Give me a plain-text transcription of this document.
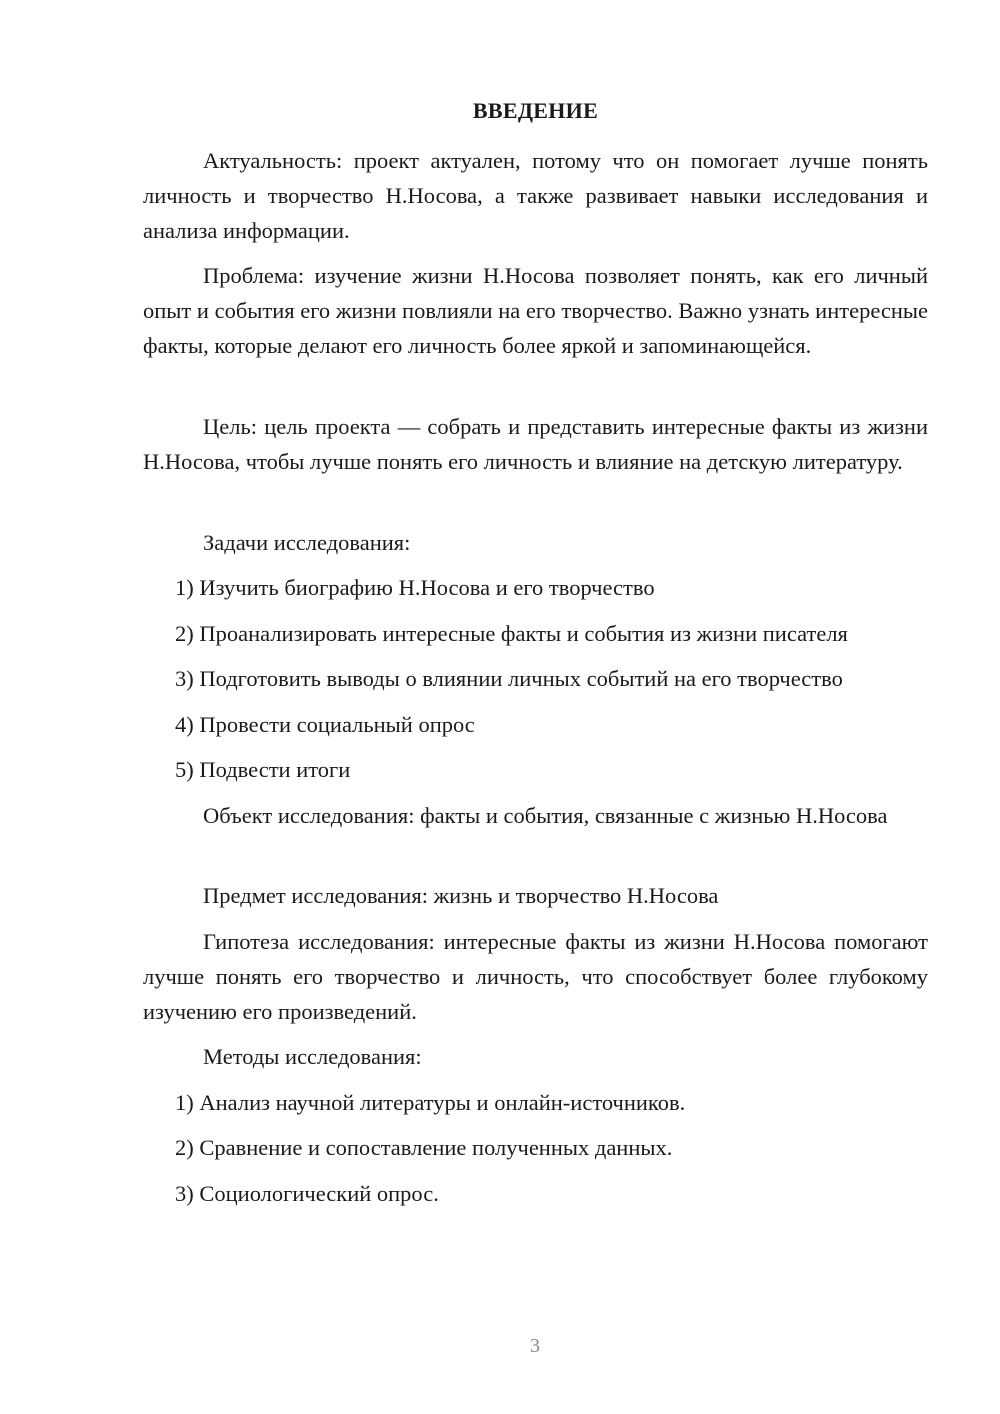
ВВЕДЕНИЕ

Актуальность: проект актуален, потому что он помогает лучше понять личность и творчество Н.Носова, а также развивает навыки исследования и анализа информации.

Проблема: изучение жизни Н.Носова позволяет понять, как его личный опыт и события его жизни повлияли на его творчество. Важно узнать интересные факты, которые делают его личность более яркой и запоминающейся.

Цель: цель проекта — собрать и представить интересные факты из жизни Н.Носова, чтобы лучше понять его личность и влияние на детскую литературу.

Задачи исследования:

1) Изучить биографию Н.Носова и его творчество

2) Проанализировать интересные факты и события из жизни писателя

3) Подготовить выводы о влиянии личных событий на его творчество

4) Провести социальный опрос

5) Подвести итоги

Объект исследования: факты и события, связанные с жизнью Н.Носова

Предмет исследования: жизнь и творчество Н.Носова

Гипотеза исследования: интересные факты из жизни Н.Носова помогают лучше понять его творчество и личность, что способствует более глубокому изучению его произведений.

Методы исследования:

1) Анализ научной литературы и онлайн-источников.

2) Сравнение и сопоставление полученных данных.

3) Социологический опрос.

3
